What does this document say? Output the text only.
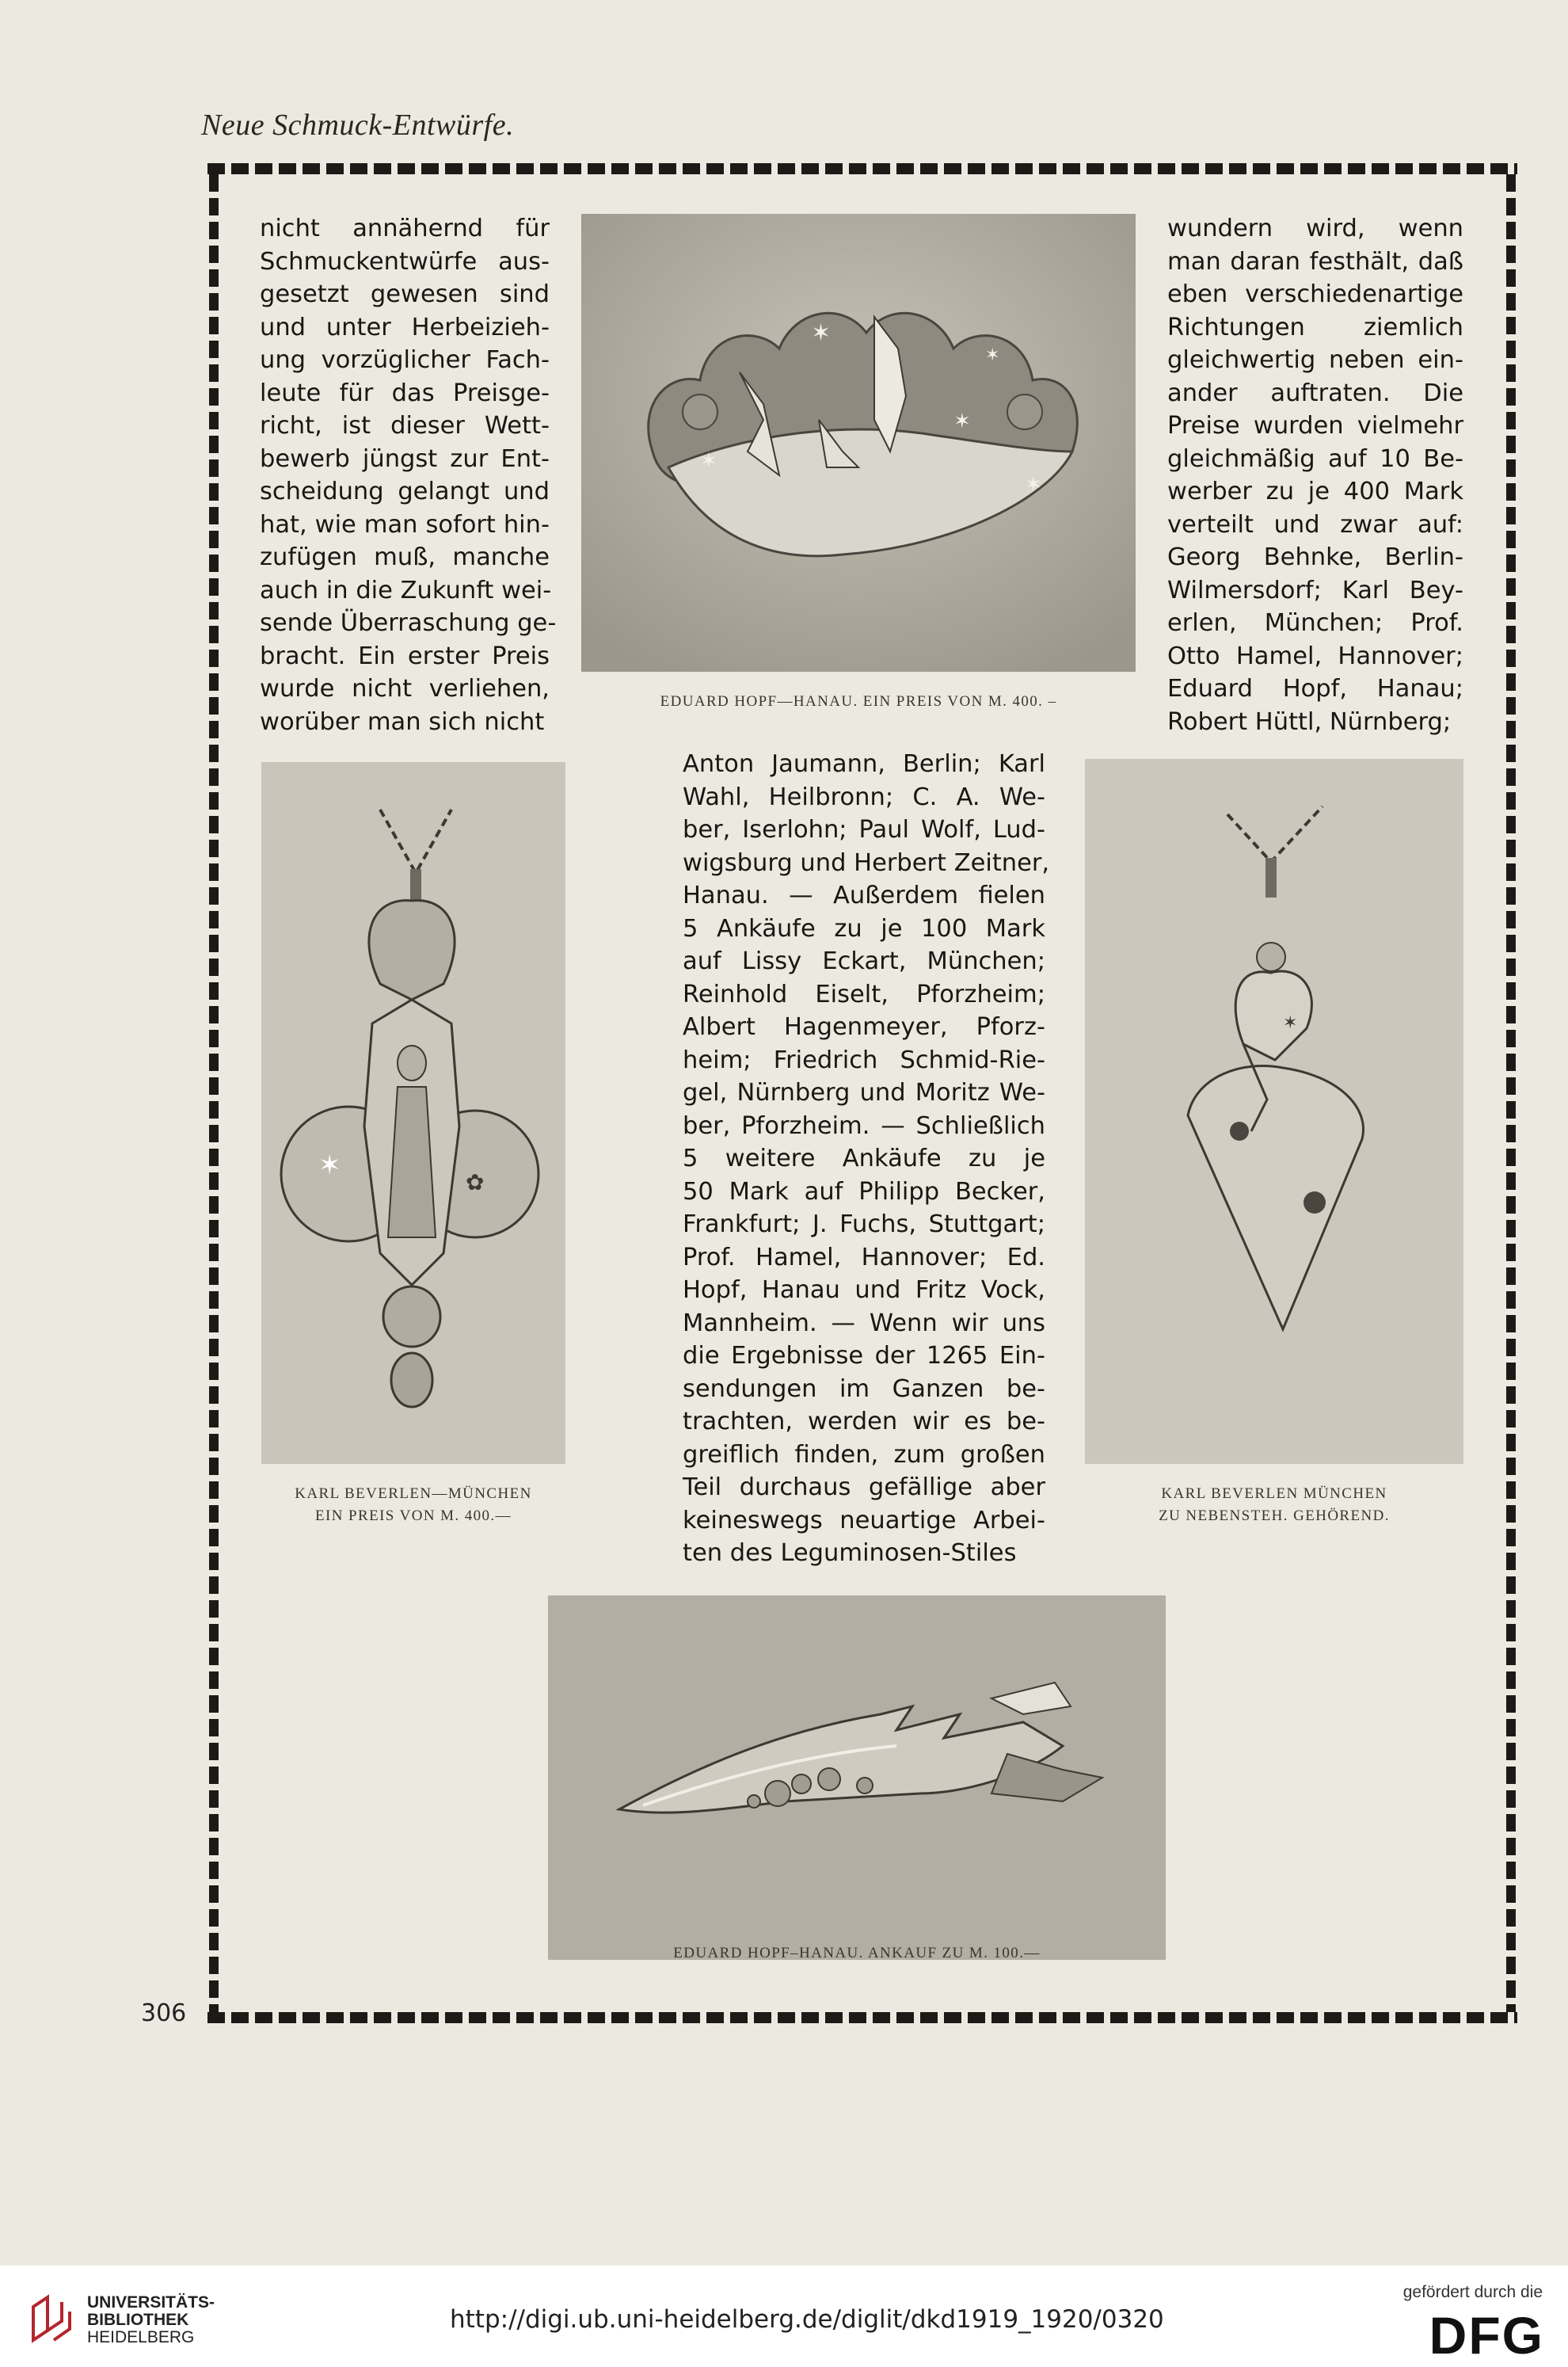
Neue Schmuck-Entwürfe.
306
nicht annähernd für
Schmuckentwürfe aus-
gesetzt gewesen sind
und unter Herbeizieh-
ung vorzüglicher Fach-
leute für das Preisge-
richt, ist dieser Wett-
bewerb jüngst zur Ent-
scheidung gelangt und
hat, wie man sofort hin-
zufügen muß, manche
auch in die Zukunft wei-
sende Überraschung ge-
bracht. Ein erster Preis
wurde nicht verliehen,
worüber man sich nicht
✶
✶
✶
✶
✶
EDUARD HOPF—HANAU. EIN PREIS VON M. 400. –
wundern wird, wenn
man daran festhält, daß
eben verschiedenartige
Richtungen ziemlich
gleichwertig neben ein-
ander auftraten. Die
Preise wurden vielmehr
gleichmäßig auf 10 Be-
werber zu je 400 Mark
verteilt und zwar auf:
Georg Behnke, Berlin-
Wilmersdorf; Karl Bey-
erlen, München; Prof.
Otto Hamel, Hannover;
Eduard Hopf, Hanau;
Robert Hüttl, Nürnberg;
✶
✿
KARL BEVERLEN—MÜNCHEN
EIN PREIS VON M. 400.—
Anton Jaumann, Berlin; Karl
Wahl, Heilbronn; C. A. We-
ber, Iserlohn; Paul Wolf, Lud-
wigsburg und Herbert Zeitner,
Hanau. — Außerdem fielen
5 Ankäufe zu je 100 Mark
auf Lissy Eckart, München;
Reinhold Eiselt, Pforzheim;
Albert Hagenmeyer, Pforz-
heim; Friedrich Schmid-Rie-
gel, Nürnberg und Moritz We-
ber, Pforzheim. — Schließlich
5 weitere Ankäufe zu je
50 Mark auf Philipp Becker,
Frankfurt; J. Fuchs, Stuttgart;
Prof. Hamel, Hannover; Ed.
Hopf, Hanau und Fritz Vock,
Mannheim. — Wenn wir uns
die Ergebnisse der 1265 Ein-
sendungen im Ganzen be-
trachten, werden wir es be-
greiflich finden, zum großen
Teil durchaus gefällige aber
keineswegs neuartige Arbei-
ten des Leguminosen-Stiles
✶
KARL BEVERLEN MÜNCHEN
ZU NEBENSTEH. GEHÖREND.
EDUARD HOPF–HANAU. ANKAUF ZU M. 100.—
UNIVERSITÄTS-
BIBLIOTHEK
HEIDELBERG
http://digi.ub.uni-heidelberg.de/diglit/dkd1919_1920/0320
gefördert durch die
DFG
